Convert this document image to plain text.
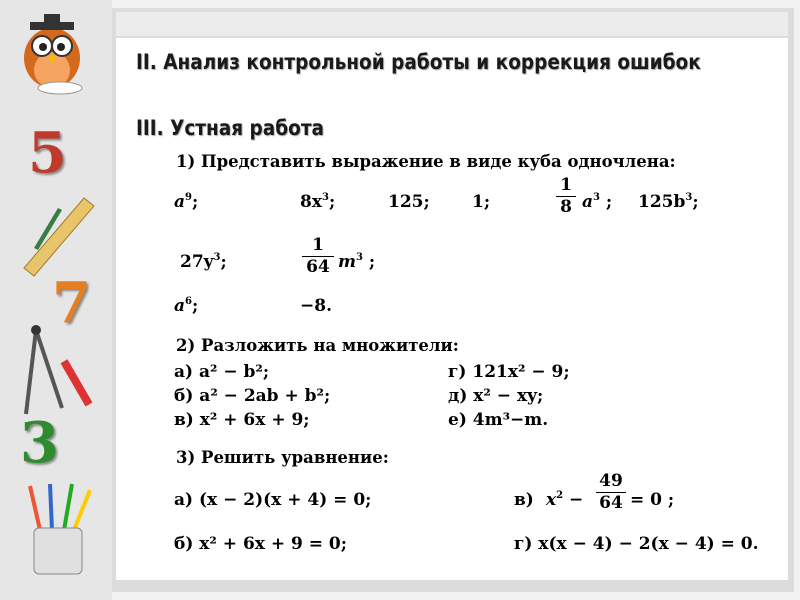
5
7
3
II. Анализ контрольной работы и коррекция ошибок
III. Устная работа
1) Представить выражение в виде куба одночлена:
$a^9$;	$8x^3$;	125; 1;
1
8 $a^3$ ; $125b^3$;
$27y^3$;
1
64 $m^3$ ;
$a^6$;	−8.
2) Разложить на множители:
а) a² − b²;
б) a² − 2ab + b²;
в) x² + 6x + 9;
г) 121x² − 9;
д) x² − xy;
е) 4m³−m.
3) Решить уравнение:
а) (x − 2)(x + 4) = 0;
б) x² + 6x + 9 = 0;
в) $x^2$ −
49
64 = 0 ;
г) x(x − 4) − 2(x − 4) = 0.
